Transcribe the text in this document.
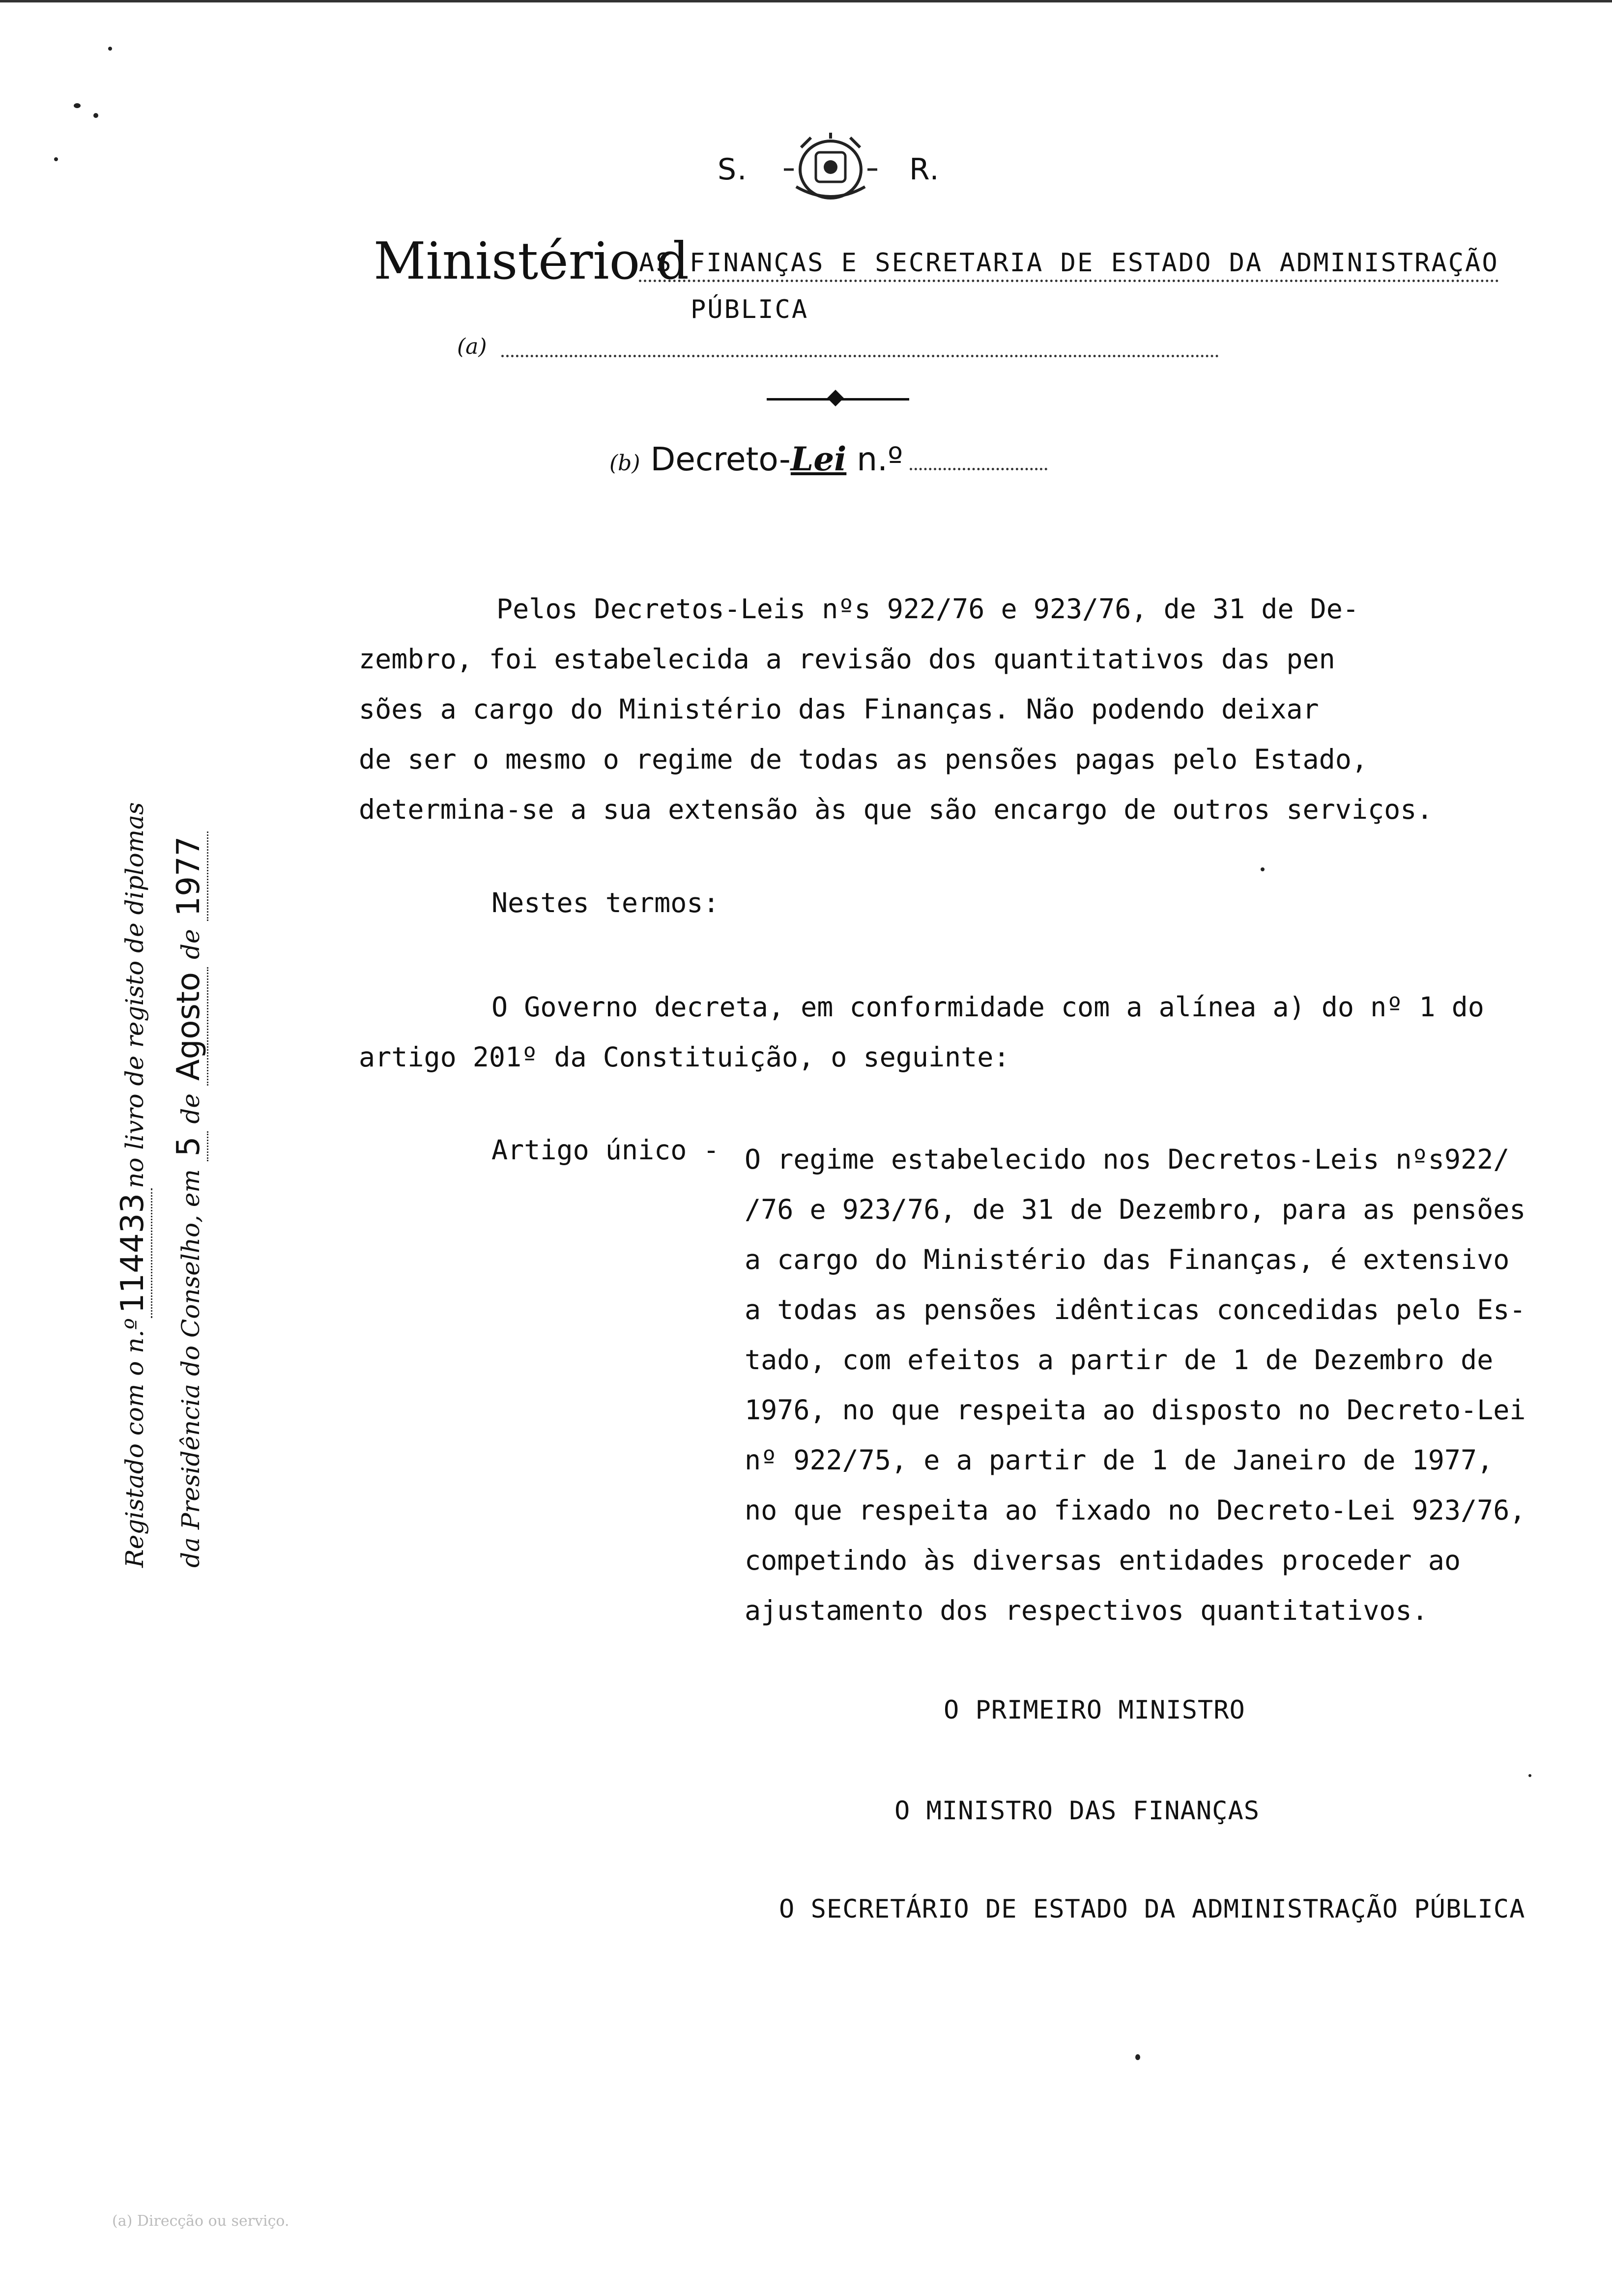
S.	R.
Ministério d
AS FINANÇAS E SECRETARIA DE ESTADO DA ADMINISTRAÇÃO
PÚBLICA
(a)
(b) Decreto-Lei n.º
Pelos Decretos-Leis nºs 922/76 e 923/76, de 31 de De-
zembro, foi estabelecida a revisão dos quantitativos das pen
sões a cargo do Ministério das Finanças. Não podendo deixar
de ser o mesmo o regime de todas as pensões pagas pelo Estado,
determina-se a sua extensão às que são encargo de outros serviços.
Nestes termos:
O Governo decreta, em conformidade com a alínea a) do nº 1 do
artigo 201º da Constituição, o seguinte:
Artigo único - O regime estabelecido nos Decretos-Leis nºs922/
/76 e 923/76, de 31 de Dezembro, para as pensões
a cargo do Ministério das Finanças, é extensivo
a todas as pensões idênticas concedidas pelo Es-
tado, com efeitos a partir de 1 de Dezembro de
1976, no que respeita ao disposto no Decreto-Lei
nº 922/75, e a partir de 1 de Janeiro de 1977,
no que respeita ao fixado no Decreto-Lei 923/76,
competindo às diversas entidades proceder ao
ajustamento dos respectivos quantitativos.
O PRIMEIRO MINISTRO
O MINISTRO DAS FINANÇAS
O SECRETÁRIO DE ESTADO DA ADMINISTRAÇÃO PÚBLICA
Registado com o n.º114433no livro de registo de diplomas
da Presidência do Conselho, em 5 de Agosto de 1977
(a) Direcção ou serviço.
